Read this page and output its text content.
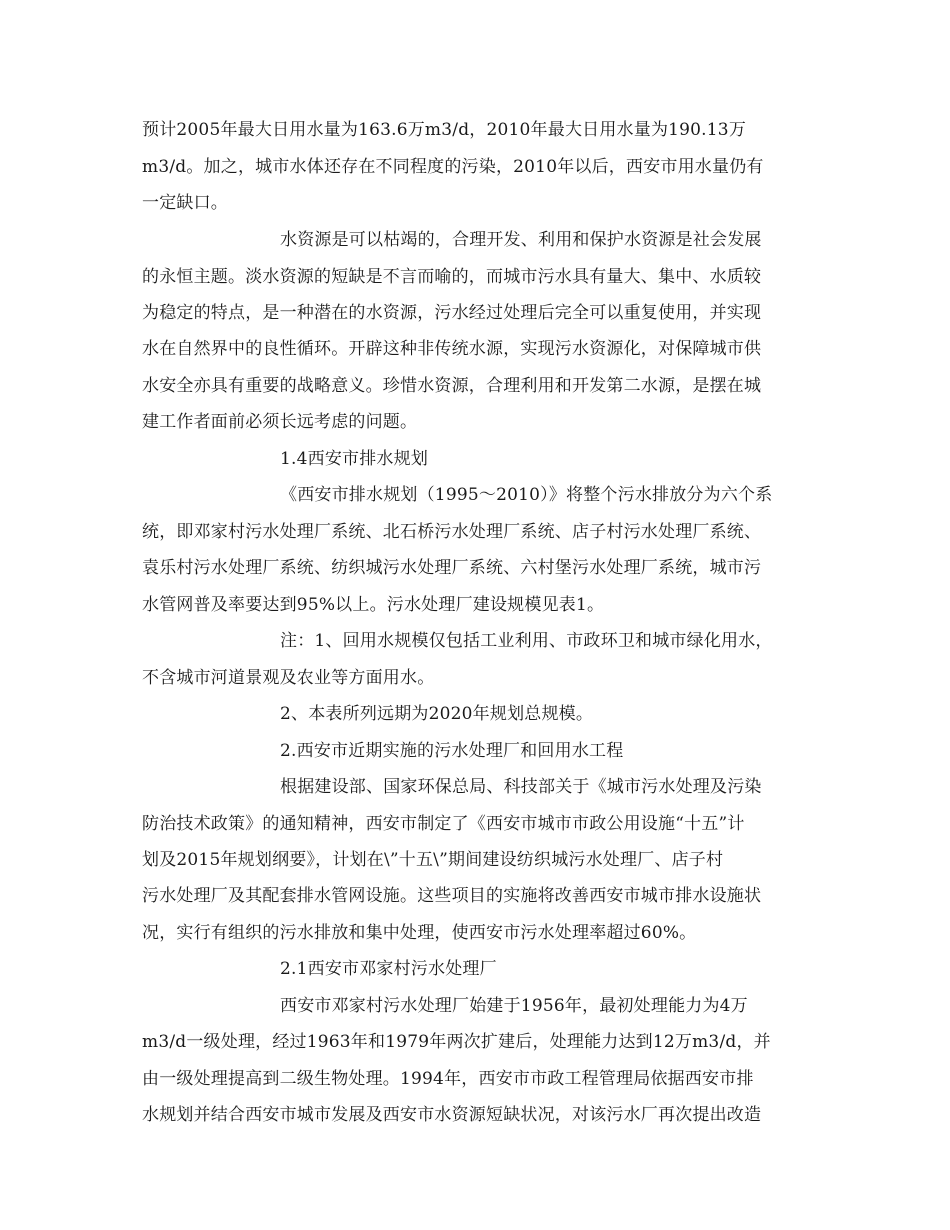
预计2005年最大日用水量为163.6万m3/d，2010年最大日用水量为190.13万
m3/d。加之，城市水体还存在不同程度的污染，2010年以后，西安市用水量仍有
一定缺口。
水资源是可以枯竭的，合理开发、利用和保护水资源是社会发展
的永恒主题。淡水资源的短缺是不言而喻的，而城市污水具有量大、集中、水质较
为稳定的特点，是一种潜在的水资源，污水经过处理后完全可以重复使用，并实现
水在自然界中的良性循环。开辟这种非传统水源，实现污水资源化，对保障城市供
水安全亦具有重要的战略意义。珍惜水资源，合理利用和开发第二水源，是摆在城
建工作者面前必须长远考虑的问题。
1.4西安市排水规划
《西安市排水规划（1995～2010）》将整个污水排放分为六个系
统，即邓家村污水处理厂系统、北石桥污水处理厂系统、店子村污水处理厂系统、
袁乐村污水处理厂系统、纺织城污水处理厂系统、六村堡污水处理厂系统，城市污
水管网普及率要达到95%以上。污水处理厂建设规模见表1。
注：1、回用水规模仅包括工业利用、市政环卫和城市绿化用水，
不含城市河道景观及农业等方面用水。
2、本表所列远期为2020年规划总规模。
2.西安市近期实施的污水处理厂和回用水工程
根据建设部、国家环保总局、科技部关于《城市污水处理及污染
防治技术政策》的通知精神，西安市制定了《西安市城市市政公用设施“十五”计
划及2015年规划纲要》，计划在\”十五\”期间建设纺织城污水处理厂、店子村
污水处理厂及其配套排水管网设施。这些项目的实施将改善西安市城市排水设施状
况，实行有组织的污水排放和集中处理，使西安市污水处理率超过60%。
2.1西安市邓家村污水处理厂
西安市邓家村污水处理厂始建于1956年，最初处理能力为4万
m3/d一级处理，经过1963年和1979年两次扩建后，处理能力达到12万m3/d，并
由一级处理提高到二级生物处理。1994年，西安市市政工程管理局依据西安市排
水规划并结合西安市城市发展及西安市水资源短缺状况，对该污水厂再次提出改造
